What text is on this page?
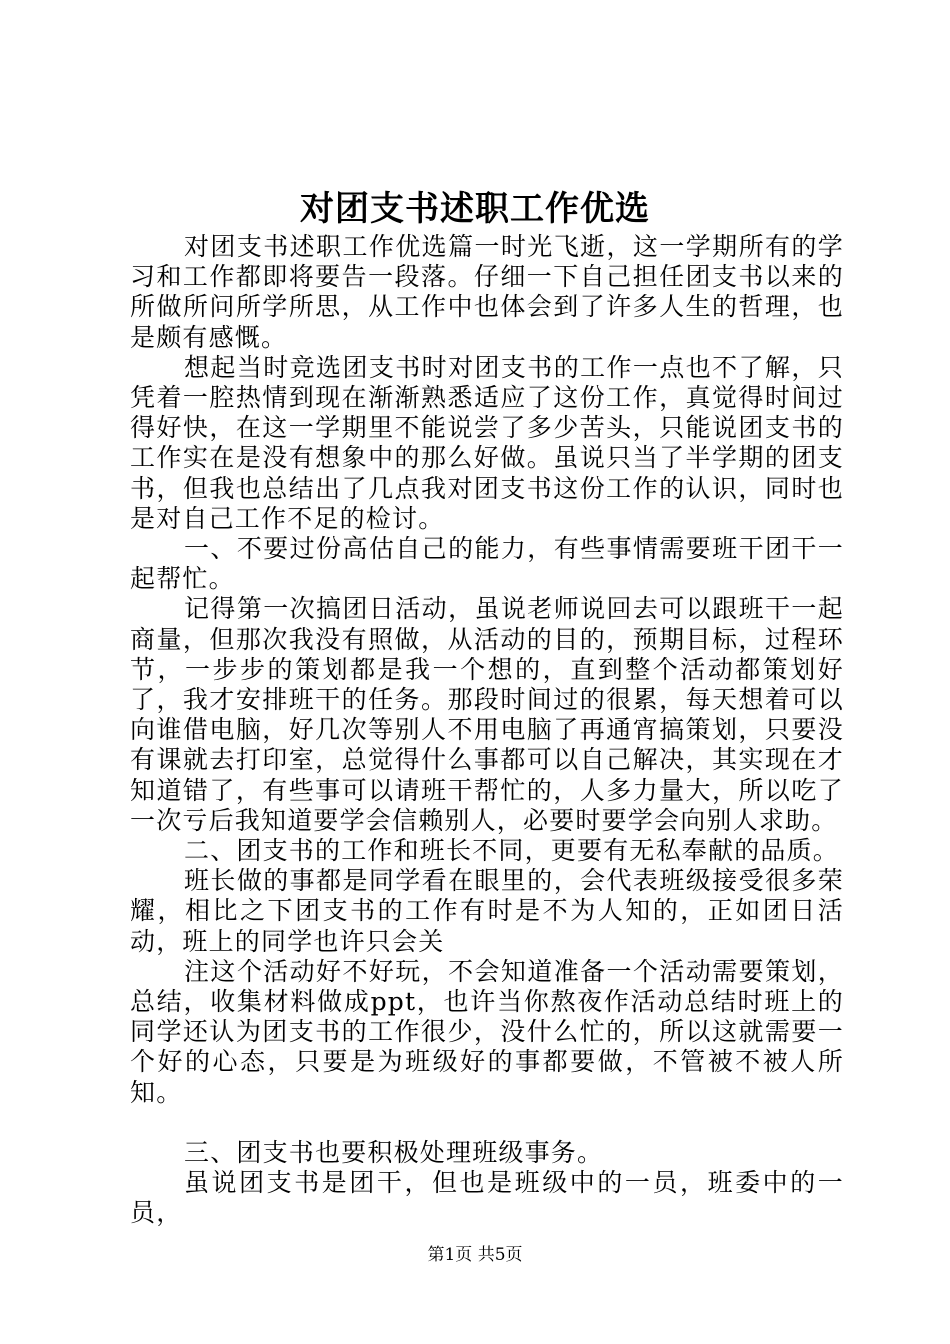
对团支书述职工作优选

对团支书述职工作优选篇一时光飞逝，这一学期所有的学习和工作都即将要告一段落。仔细一下自己担任团支书以来的所做所问所学所思，从工作中也体会到了许多人生的哲理，也是颇有感慨。

想起当时竞选团支书时对团支书的工作一点也不了解，只凭着一腔热情到现在渐渐熟悉适应了这份工作，真觉得时间过得好快，在这一学期里不能说尝了多少苦头，只能说团支书的工作实在是没有想象中的那么好做。虽说只当了半学期的团支书，但我也总结出了几点我对团支书这份工作的认识，同时也是对自己工作不足的检讨。

一、不要过份高估自己的能力，有些事情需要班干团干一起帮忙。

记得第一次搞团日活动，虽说老师说回去可以跟班干一起商量，但那次我没有照做，从活动的目的，预期目标，过程环节，一步步的策划都是我一个想的，直到整个活动都策划好了，我才安排班干的任务。那段时间过的很累，每天想着可以向谁借电脑，好几次等别人不用电脑了再通宵搞策划，只要没有课就去打印室，总觉得什么事都可以自己解决，其实现在才知道错了，有些事可以请班干帮忙的，人多力量大，所以吃了一次亏后我知道要学会信赖别人，必要时要学会向别人求助。

二、团支书的工作和班长不同，更要有无私奉献的品质。

班长做的事都是同学看在眼里的，会代表班级接受很多荣耀，相比之下团支书的工作有时是不为人知的，正如团日活动，班上的同学也许只会关

注这个活动好不好玩，不会知道准备一个活动需要策划，总结，收集材料做成ppt，也许当你熬夜作活动总结时班上的同学还认为团支书的工作很少，没什么忙的，所以这就需要一个好的心态，只要是为班级好的事都要做，不管被不被人所知。

三、团支书也要积极处理班级事务。

虽说团支书是团干，但也是班级中的一员，班委中的一员，

第1页 共5页
